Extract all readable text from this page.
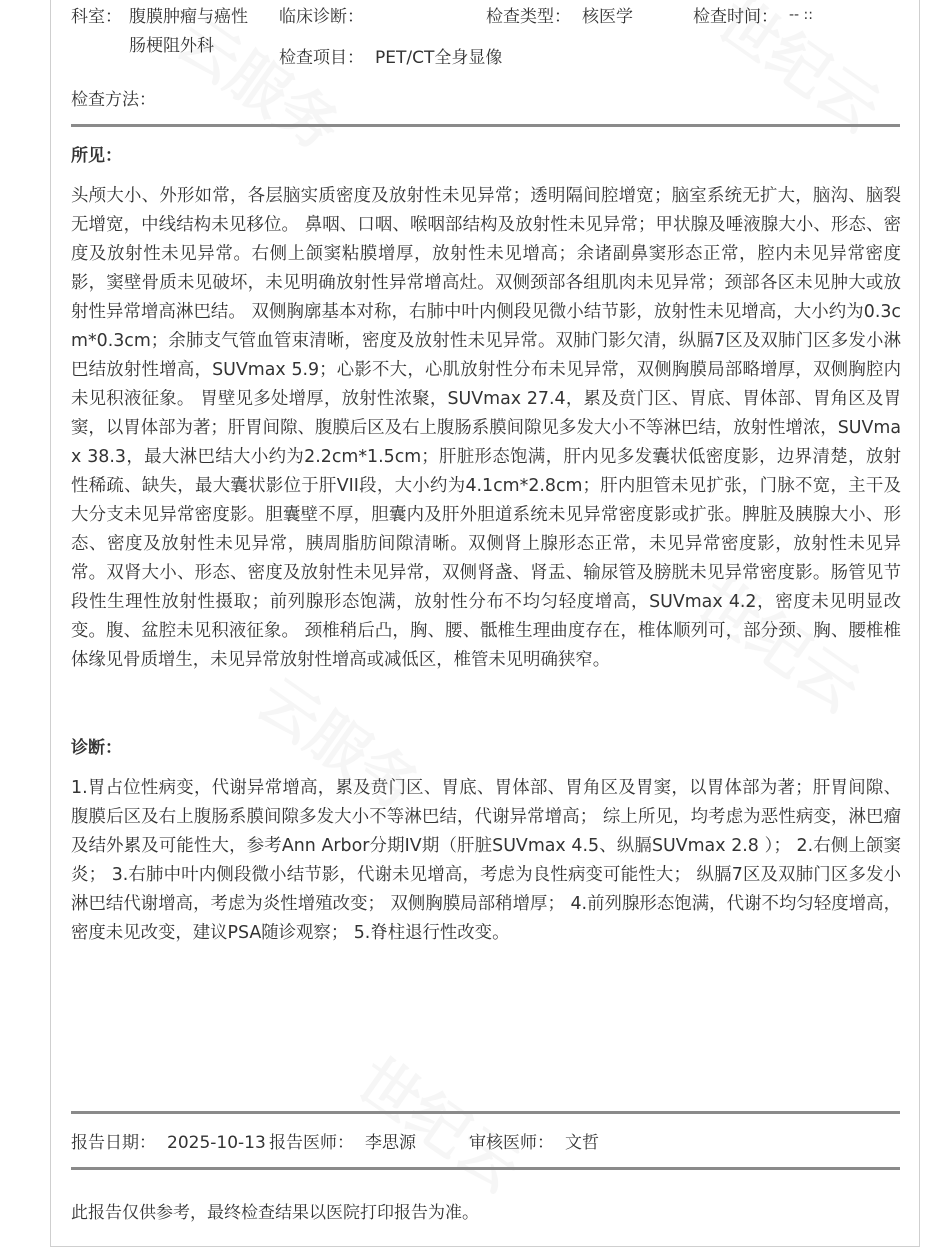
科室： 腹膜肿瘤与癌性
肠梗阻外科
临床诊断：	检查类型： 核医学	检查时间： -- ::
检查项目： PET/CT全身显像
检查方法：
所见：
头颅大小、外形如常，各层脑实质密度及放射性未见异常；透明隔间腔增宽；脑室系统无扩大，脑沟、脑裂无增宽，中线结构未见移位。 鼻咽、口咽、喉咽部结构及放射性未见异常；甲状腺及唾液腺大小、形态、密度及放射性未见异常。右侧上颌窦粘膜增厚，放射性未见增高；余诸副鼻窦形态正常，腔内未见异常密度影，窦壁骨质未见破坏，未见明确放射性异常增高灶。双侧颈部各组肌肉未见异常；颈部各区未见肿大或放射性异常增高淋巴结。 双侧胸廓基本对称，右肺中叶内侧段见微小结节影，放射性未见增高，大小约为0.3cm*0.3cm；余肺支气管血管束清晰，密度及放射性未见异常。双肺门影欠清，纵膈7区及双肺门区多发小淋巴结放射性增高，SUVmax 5.9；心影不大，心肌放射性分布未见异常，双侧胸膜局部略增厚，双侧胸腔内未见积液征象。 胃壁见多处增厚，放射性浓聚，SUVmax 27.4，累及贲门区、胃底、胃体部、胃角区及胃窦，以胃体部为著；肝胃间隙、腹膜后区及右上腹肠系膜间隙见多发大小不等淋巴结，放射性增浓，SUVmax 38.3，最大淋巴结大小约为2.2cm*1.5cm；肝脏形态饱满，肝内见多发囊状低密度影，边界清楚，放射性稀疏、缺失，最大囊状影位于肝VII段，大小约为4.1cm*2.8cm；肝内胆管未见扩张，门脉不宽，主干及大分支未见异常密度影。胆囊壁不厚，胆囊内及肝外胆道系统未见异常密度影或扩张。脾脏及胰腺大小、形态、密度及放射性未见异常，胰周脂肪间隙清晰。双侧肾上腺形态正常，未见异常密度影，放射性未见异常。双肾大小、形态、密度及放射性未见异常，双侧肾盏、肾盂、输尿管及膀胱未见异常密度影。肠管见节段性生理性放射性摄取；前列腺形态饱满，放射性分布不均匀轻度增高，SUVmax 4.2，密度未见明显改变。腹、盆腔未见积液征象。 颈椎稍后凸，胸、腰、骶椎生理曲度存在，椎体顺列可，部分颈、胸、腰椎椎体缘见骨质增生，未见异常放射性增高或减低区，椎管未见明确狭窄。
诊断：
1.胃占位性病变，代谢异常增高，累及贲门区、胃底、胃体部、胃角区及胃窦，以胃体部为著；肝胃间隙、腹膜后区及右上腹肠系膜间隙多发大小不等淋巴结，代谢异常增高； 综上所见，均考虑为恶性病变，淋巴瘤及结外累及可能性大，参考Ann Arbor分期IV期（肝脏SUVmax 4.5、纵膈SUVmax 2.8 ）； 2.右侧上颌窦炎； 3.右肺中叶内侧段微小结节影，代谢未见增高，考虑为良性病变可能性大； 纵膈7区及双肺门区多发小淋巴结代谢增高，考虑为炎性增殖改变； 双侧胸膜局部稍增厚； 4.前列腺形态饱满，代谢不均匀轻度增高，密度未见改变，建议PSA随诊观察； 5.脊柱退行性改变。
报告日期： 2025-10-13 报告医师： 李思源	审核医师： 文哲
此报告仅供参考，最终检查结果以医院打印报告为准。
